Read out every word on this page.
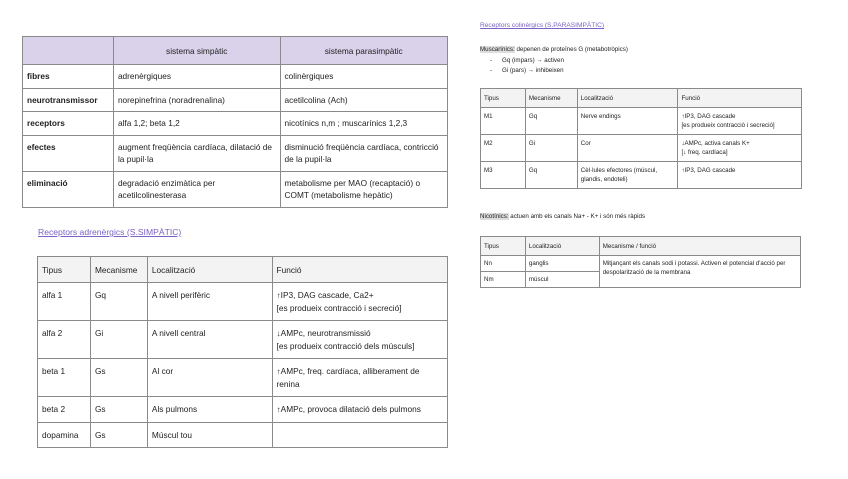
	sistema simpàtic	sistema parasimpàtic
fibres	adrenèrgiques	colinèrgiques
neurotransmissor	norepinefrina (noradrenalina)	acetilcolina (Ach)
receptors	alfa 1,2; beta 1,2	nicotínics n,m ; muscarínics 1,2,3
efectes	augment freqüència cardíaca, dilatació de la pupil·la	disminució freqüència cardíaca, contricció de la pupil·la
eliminació	degradació enzimàtica per acetilcolinesterasa	metabolisme per MAO (recaptació) o COMT (metabolisme hepàtic)
Receptors adrenèrgics (S.SIMPÀTIC)
Tipus	Mecanisme	Localització	Funció
alfa 1	Gq	A nivell perifèric	↑IP3, DAG cascade, Ca2+
[es produeix contracció i secreció]

alfa 2	Gi	A nivell central	↓AMPc, neurotransmissió
[es produeix contracció dels músculs]

beta 1	Gs	Al cor	↑AMPc, freq. cardíaca, alliberament de renina
beta 2	Gs	Als pulmons	↑AMPc, provoca dilatació dels pulmons
dopamina	Gs	Múscul tou	
Receptors colinèrgics (S.PARASIMPÀTIC)
Muscarínics: depenen de proteïnes G (metabotròpics)
- Gq (impars) → activen
- Gi (pars) → inhibeixen
Tipus	Mecanisme	Localització	Funció
M1	Gq	Nerve endings	↑IP3, DAG cascade
[es produeix contracció i secreció]

M2	Gi	Cor	↓AMPc, activa canals K+
[↓ freq. cardíaca]

M3	Gq	Cèl·lules efectores (múscul, glandis, endoteli)	↑IP3, DAG cascade
Nicotínics: actuen amb els canals Na+ - K+ i són més ràpids
Tipus	Localització	Mecanisme / funció
Nn	ganglis	Mitjançant els canals sodi i potassi. Activen el potencial d'acció per despolarització de la membrana
Nm	múscul	
